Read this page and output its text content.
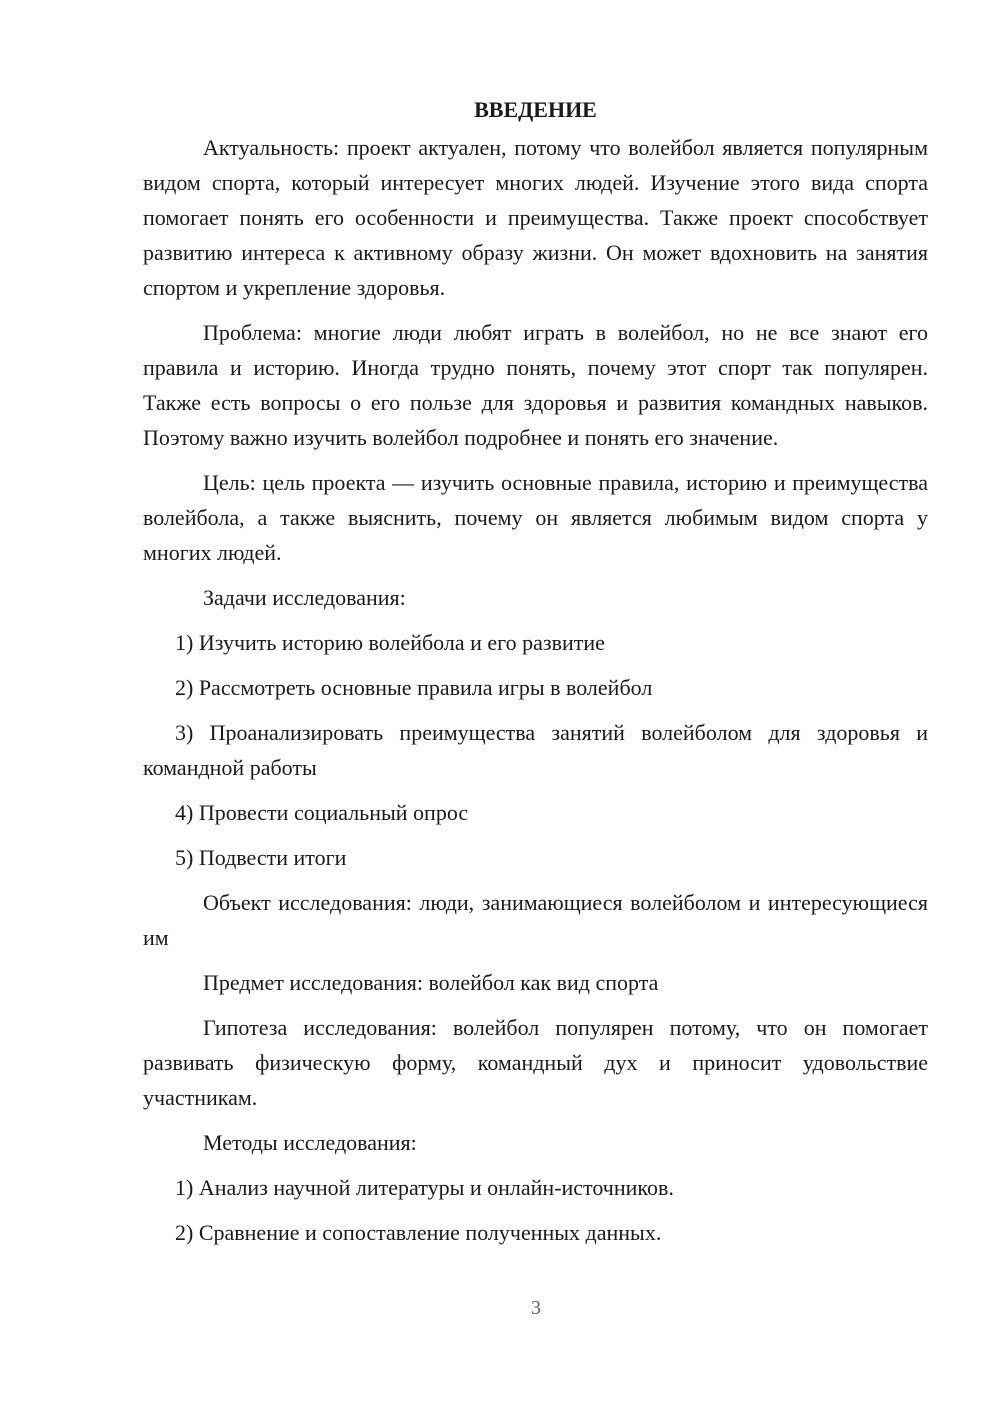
ВВЕДЕНИЕ

Актуальность: проект актуален, потому что волейбол является популярным видом спорта, который интересует многих людей. Изучение этого вида спорта помогает понять его особенности и преимущества. Также проект способствует развитию интереса к активному образу жизни. Он может вдохновить на занятия спортом и укрепление здоровья.

Проблема: многие люди любят играть в волейбол, но не все знают его правила и историю. Иногда трудно понять, почему этот спорт так популярен. Также есть вопросы о его пользе для здоровья и развития командных навыков. Поэтому важно изучить волейбол подробнее и понять его значение.

Цель: цель проекта — изучить основные правила, историю и преимущества волейбола, а также выяснить, почему он является любимым видом спорта у многих людей.

Задачи исследования:

1) Изучить историю волейбола и его развитие

2) Рассмотреть основные правила игры в волейбол

3) Проанализировать преимущества занятий волейболом для здоровья и командной работы

4) Провести социальный опрос

5) Подвести итоги

Объект исследования: люди, занимающиеся волейболом и интересующиеся им

Предмет исследования: волейбол как вид спорта

Гипотеза исследования: волейбол популярен потому, что он помогает развивать физическую форму, командный дух и приносит удовольствие участникам.

Методы исследования:

1) Анализ научной литературы и онлайн-источников.

2) Сравнение и сопоставление полученных данных.

3
